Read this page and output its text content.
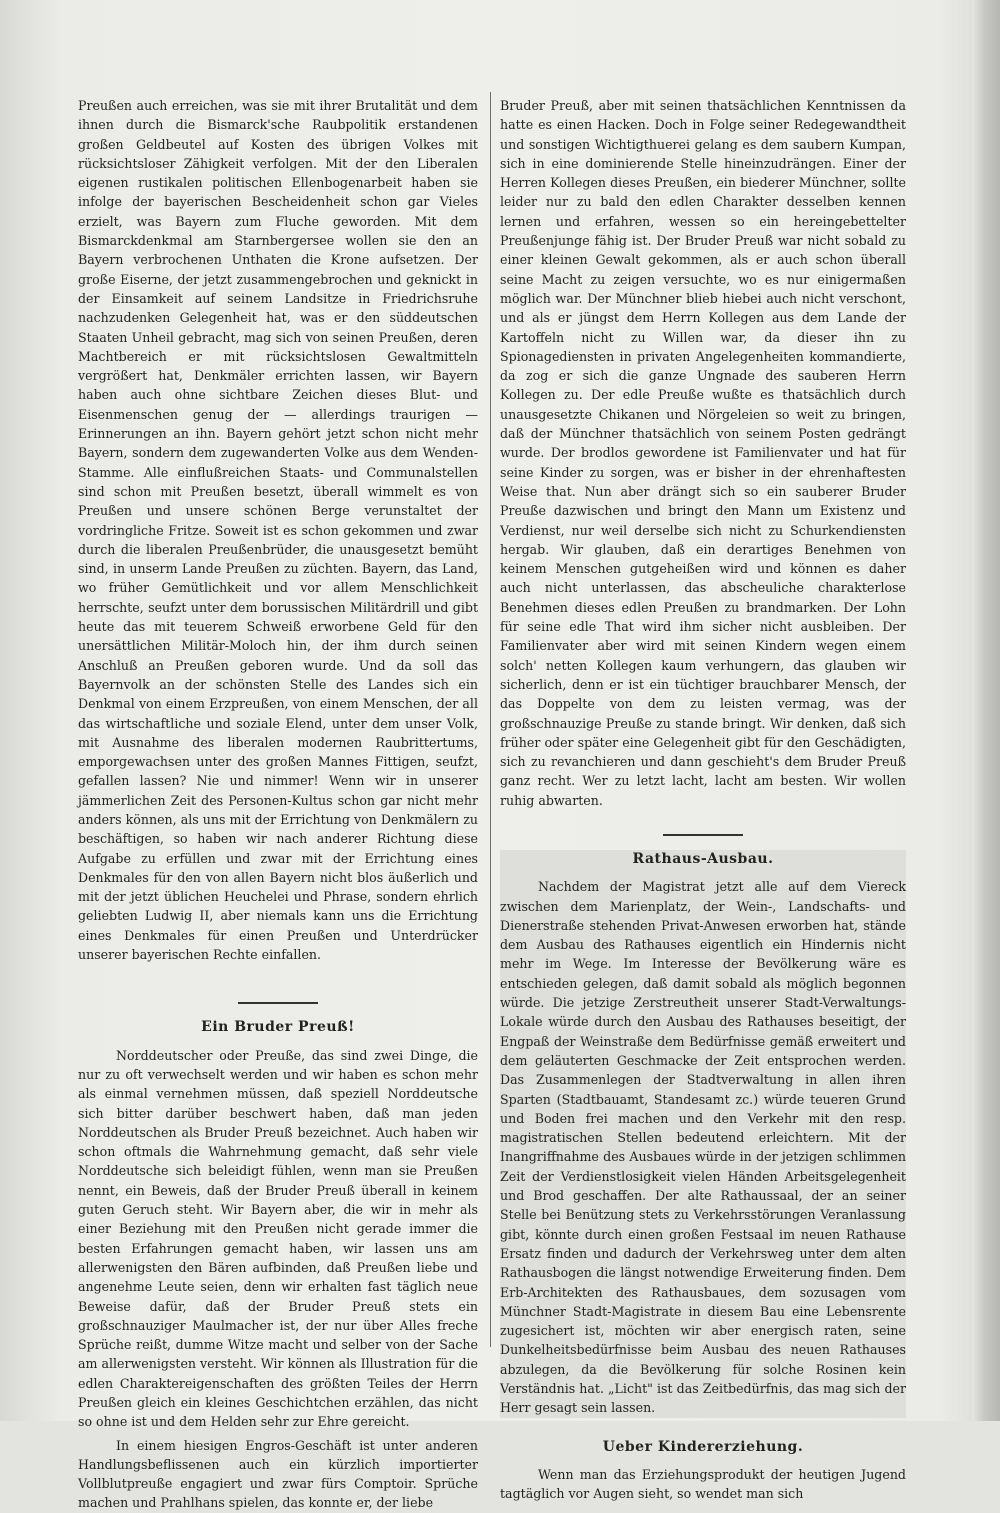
Preußen auch erreichen, was sie mit ihrer Brutalität und dem ihnen durch die Bismarck'sche Raubpolitik erstandenen großen Geldbeutel auf Kosten des übrigen Volkes mit rücksichtsloser Zähigkeit verfolgen. Mit der den Liberalen eigenen rustikalen politischen Ellenbogenarbeit haben sie infolge der bayerischen Bescheidenheit schon gar Vieles erzielt, was Bayern zum Fluche geworden. Mit dem Bismarckdenkmal am Starnbergersee wollen sie den an Bayern verbrochenen Unthaten die Krone aufsetzen. Der große Eiserne, der jetzt zusammengebrochen und geknickt in der Einsamkeit auf seinem Landsitze in Friedrichsruhe nachzudenken Gelegenheit hat, was er den süddeutschen Staaten Unheil gebracht, mag sich von seinen Preußen, deren Machtbereich er mit rücksichtslosen Gewaltmitteln vergrößert hat, Denkmäler errichten lassen, wir Bayern haben auch ohne sichtbare Zeichen dieses Blut- und Eisenmenschen genug der — allerdings traurigen — Erinnerungen an ihn. Bayern gehört jetzt schon nicht mehr Bayern, sondern dem zugewanderten Volke aus dem Wenden-Stamme. Alle einflußreichen Staats- und Communalstellen sind schon mit Preußen besetzt, überall wimmelt es von Preußen und unsere schönen Berge verunstaltet der vordringliche Fritze. Soweit ist es schon gekommen und zwar durch die liberalen Preußenbrüder, die unausgesetzt bemüht sind, in unserm Lande Preußen zu züchten. Bayern, das Land, wo früher Gemütlichkeit und vor allem Menschlichkeit herrschte, seufzt unter dem borussischen Militärdrill und gibt heute das mit teuerem Schweiß erworbene Geld für den unersättlichen Militär-Moloch hin, der ihm durch seinen Anschluß an Preußen geboren wurde. Und da soll das Bayernvolk an der schönsten Stelle des Landes sich ein Denkmal von einem Erzpreußen, von einem Menschen, der all das wirtschaftliche und soziale Elend, unter dem unser Volk, mit Ausnahme des liberalen modernen Raubrittertums, emporgewachsen unter des großen Mannes Fittigen, seufzt, gefallen lassen? Nie und nimmer! Wenn wir in unserer jämmerlichen Zeit des Personen-Kultus schon gar nicht mehr anders können, als uns mit der Errichtung von Denkmälern zu beschäftigen, so haben wir nach anderer Richtung diese Aufgabe zu erfüllen und zwar mit der Errichtung eines Denkmales für den von allen Bayern nicht blos äußerlich und mit der jetzt üblichen Heuchelei und Phrase, sondern ehrlich geliebten Ludwig II, aber niemals kann uns die Errichtung eines Denkmales für einen Preußen und Unterdrücker unserer bayerischen Rechte einfallen.

Ein Bruder Preuß!

Norddeutscher oder Preuße, das sind zwei Dinge, die nur zu oft verwechselt werden und wir haben es schon mehr als einmal vernehmen müssen, daß speziell Norddeutsche sich bitter darüber beschwert haben, daß man jeden Norddeutschen als Bruder Preuß bezeichnet. Auch haben wir schon oftmals die Wahrnehmung gemacht, daß sehr viele Norddeutsche sich beleidigt fühlen, wenn man sie Preußen nennt, ein Beweis, daß der Bruder Preuß überall in keinem guten Geruch steht. Wir Bayern aber, die wir in mehr als einer Beziehung mit den Preußen nicht gerade immer die besten Erfahrungen gemacht haben, wir lassen uns am allerwenigsten den Bären aufbinden, daß Preußen liebe und angenehme Leute seien, denn wir erhalten fast täglich neue Beweise dafür, daß der Bruder Preuß stets ein großschnauziger Maulmacher ist, der nur über Alles freche Sprüche reißt, dumme Witze macht und selber von der Sache am allerwenigsten versteht. Wir können als Illustration für die edlen Charaktereigenschaften des größten Teiles der Herrn Preußen gleich ein kleines Geschichtchen erzählen, das nicht so ohne ist und dem Helden sehr zur Ehre gereicht.

In einem hiesigen Engros-Geschäft ist unter anderen Handlungsbeflissenen auch ein kürzlich importierter Vollblutpreuße engagiert und zwar fürs Comptoir. Sprüche machen und Prahlhans spielen, das konnte er, der liebe

Bruder Preuß, aber mit seinen thatsächlichen Kenntnissen da hatte es einen Hacken. Doch in Folge seiner Redegewandtheit und sonstigen Wichtigthuerei gelang es dem saubern Kumpan, sich in eine dominierende Stelle hineinzudrängen. Einer der Herren Kollegen dieses Preußen, ein biederer Münchner, sollte leider nur zu bald den edlen Charakter desselben kennen lernen und erfahren, wessen so ein hereingebettelter Preußenjunge fähig ist. Der Bruder Preuß war nicht sobald zu einer kleinen Gewalt gekommen, als er auch schon überall seine Macht zu zeigen versuchte, wo es nur einigermaßen möglich war. Der Münchner blieb hiebei auch nicht verschont, und als er jüngst dem Herrn Kollegen aus dem Lande der Kartoffeln nicht zu Willen war, da dieser ihn zu Spionagediensten in privaten Angelegenheiten kommandierte, da zog er sich die ganze Ungnade des sauberen Herrn Kollegen zu. Der edle Preuße wußte es thatsächlich durch unausgesetzte Chikanen und Nörgeleien so weit zu bringen, daß der Münchner thatsächlich von seinem Posten gedrängt wurde. Der brodlos gewordene ist Familienvater und hat für seine Kinder zu sorgen, was er bisher in der ehrenhaftesten Weise that. Nun aber drängt sich so ein sauberer Bruder Preuße dazwischen und bringt den Mann um Existenz und Verdienst, nur weil derselbe sich nicht zu Schurkendiensten hergab. Wir glauben, daß ein derartiges Benehmen von keinem Menschen gutgeheißen wird und können es daher auch nicht unterlassen, das abscheuliche charakterlose Benehmen dieses edlen Preußen zu brandmarken. Der Lohn für seine edle That wird ihm sicher nicht ausbleiben. Der Familienvater aber wird mit seinen Kindern wegen einem solch' netten Kollegen kaum verhungern, das glauben wir sicherlich, denn er ist ein tüchtiger brauchbarer Mensch, der das Doppelte von dem zu leisten vermag, was der großschnauzige Preuße zu stande bringt. Wir denken, daß sich früher oder später eine Gelegenheit gibt für den Geschädigten, sich zu revanchieren und dann geschieht's dem Bruder Preuß ganz recht. Wer zu letzt lacht, lacht am besten. Wir wollen ruhig abwarten.

Rathaus-Ausbau.

Nachdem der Magistrat jetzt alle auf dem Viereck zwischen dem Marienplatz, der Wein-, Landschafts- und Dienerstraße stehenden Privat-Anwesen erworben hat, stände dem Ausbau des Rathauses eigentlich ein Hindernis nicht mehr im Wege. Im Interesse der Bevölkerung wäre es entschieden gelegen, daß damit sobald als möglich begonnen würde. Die jetzige Zerstreutheit unserer Stadt-Verwaltungs-Lokale würde durch den Ausbau des Rathauses beseitigt, der Engpaß der Weinstraße dem Bedürfnisse gemäß erweitert und dem geläuterten Geschmacke der Zeit entsprochen werden. Das Zusammenlegen der Stadtverwaltung in allen ihren Sparten (Stadtbauamt, Standesamt zc.) würde teueren Grund und Boden frei machen und den Verkehr mit den resp. magistratischen Stellen bedeutend erleichtern. Mit der Inangriffnahme des Ausbaues würde in der jetzigen schlimmen Zeit der Verdienstlosigkeit vielen Händen Arbeitsgelegenheit und Brod geschaffen. Der alte Rathaussaal, der an seiner Stelle bei Benützung stets zu Verkehrsstörungen Veranlassung gibt, könnte durch einen großen Festsaal im neuen Rathause Ersatz finden und dadurch der Verkehrsweg unter dem alten Rathausbogen die längst notwendige Erweiterung finden. Dem Erb-Architekten des Rathausbaues, dem sozusagen vom Münchner Stadt-Magistrate in diesem Bau eine Lebensrente zugesichert ist, möchten wir aber energisch raten, seine Dunkelheitsbedürfnisse beim Ausbau des neuen Rathauses abzulegen, da die Bevölkerung für solche Rosinen kein Verständnis hat. „Licht" ist das Zeitbedürfnis, das mag sich der Herr gesagt sein lassen.

Ueber Kindererziehung.

Wenn man das Erziehungsprodukt der heutigen Jugend tagtäglich vor Augen sieht, so wendet man sich
